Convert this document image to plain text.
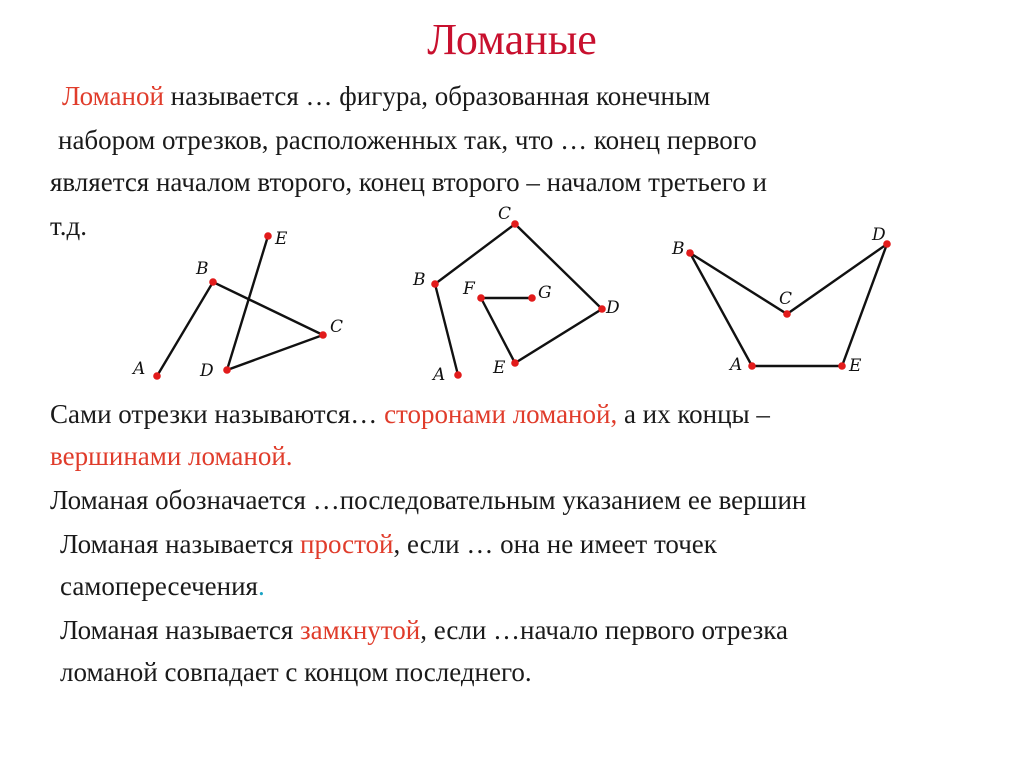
Ломаные
Ломаной называется … фигура, образованная конечным
набором отрезков, расположенных так, что … конец первого
является началом второго, конец второго – началом третьего и
т.д.
A
B
C
D
E
A
B
C
D
E
F	G
A
B
C
D
E
Сами отрезки называются… сторонами ломаной, а их концы –
вершинами ломаной.
Ломаная обозначается …последовательным указанием ее вершин
Ломаная называется простой, если … она не имеет точек
самопересечения.
Ломаная называется замкнутой, если …начало первого отрезка
ломаной совпадает с концом последнего.
